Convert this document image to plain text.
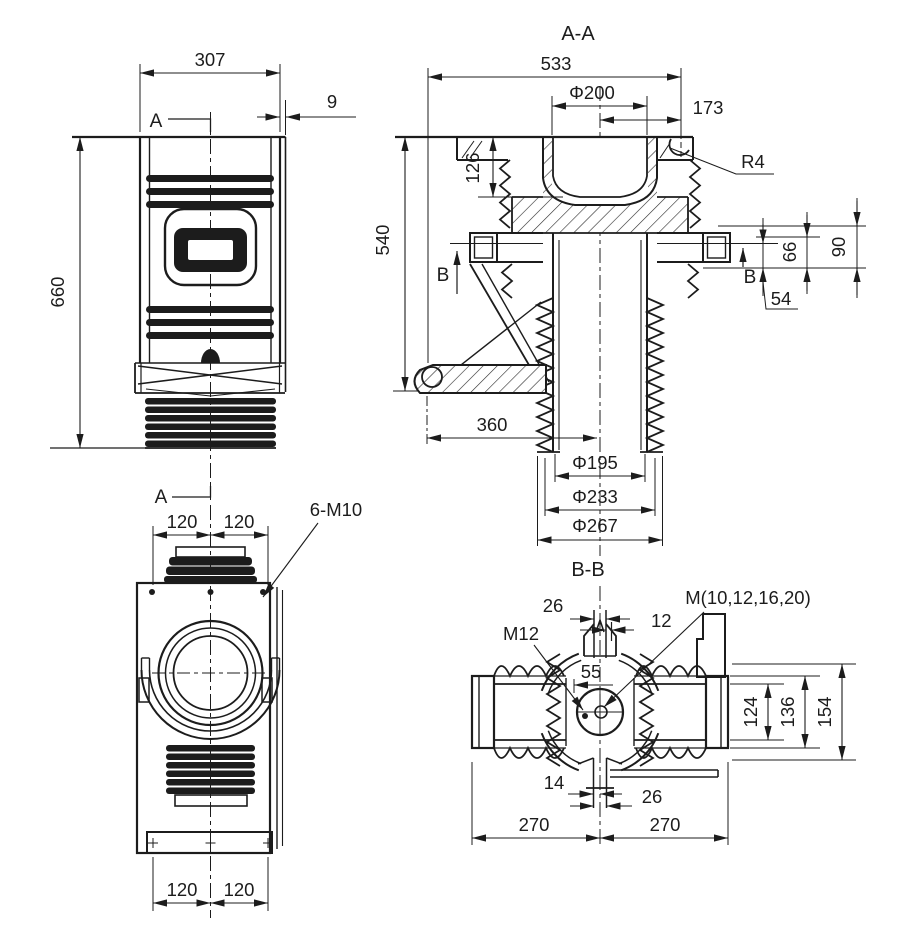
307
9
A
660
A
120 120
6-M10
120 120
A-A
533
Φ200
173
R4
126
540
B	B
54
66 90
360
Φ195
Φ233
Φ267
B-B
26
12
M12
M(10,12,16,20)
55
14
26
124 136 154
270	270
